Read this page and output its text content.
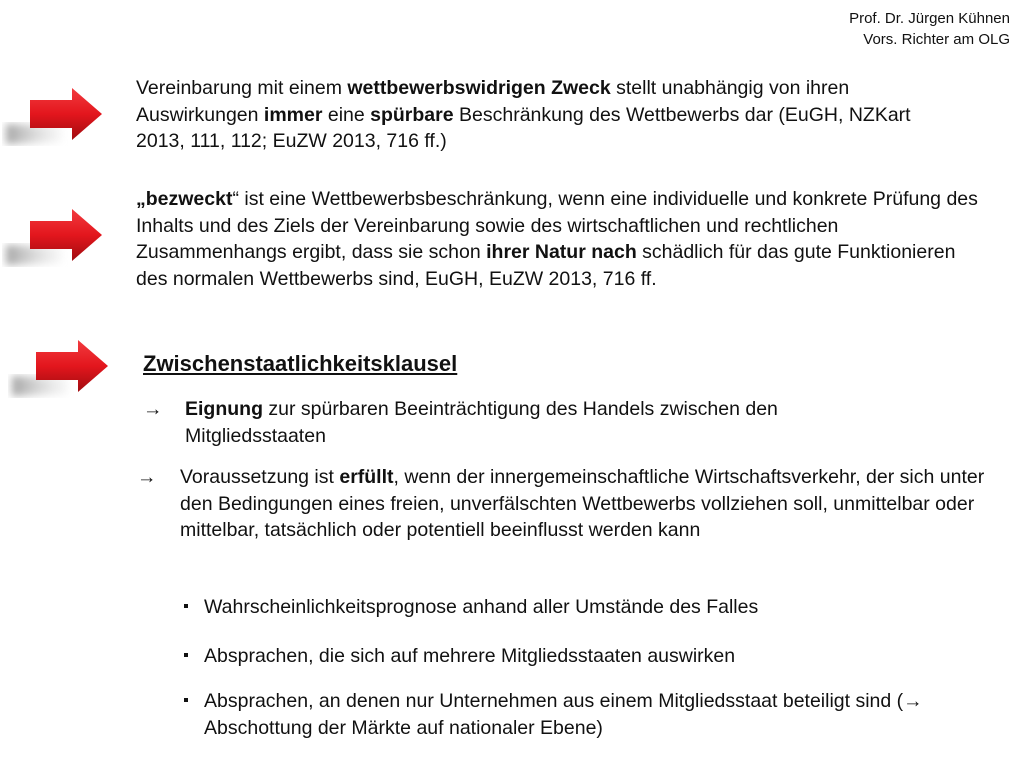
Prof. Dr. Jürgen Kühnen
Vors. Richter am OLG
Vereinbarung mit einem wettbewerbswidrigen Zweck stellt unabhängig von ihren Auswirkungen immer eine spürbare Beschränkung des Wettbewerbs dar (EuGH, NZKart 2013, 111, 112; EuZW 2013, 716 ff.)
„bezweckt“ ist eine Wettbewerbsbeschränkung, wenn eine individuelle und konkrete Prüfung des Inhalts und des Ziels der Vereinbarung sowie des wirtschaftlichen und rechtlichen Zusammenhangs ergibt, dass sie schon ihrer Natur nach schädlich für das gute Funktionieren des normalen Wettbewerbs sind, EuGH, EuZW 2013, 716 ff.
Zwischenstaatlichkeitsklausel
→	Eignung zur spürbaren Beeinträchtigung des Handels zwischen den Mitgliedsstaaten
→	Voraussetzung ist erfüllt, wenn der innergemeinschaftliche Wirtschaftsverkehr, der sich unter den Bedingungen eines freien, unverfälschten Wettbewerbs vollziehen soll, unmittelbar oder mittelbar, tatsächlich oder potentiell beeinflusst werden kann
Wahrscheinlichkeitsprognose anhand aller Umstände des Falles
Absprachen, die sich auf mehrere Mitgliedsstaaten auswirken
Absprachen, an denen nur Unternehmen aus einem Mitgliedsstaat beteiligt sind (→ Abschottung der Märkte auf nationaler Ebene)
